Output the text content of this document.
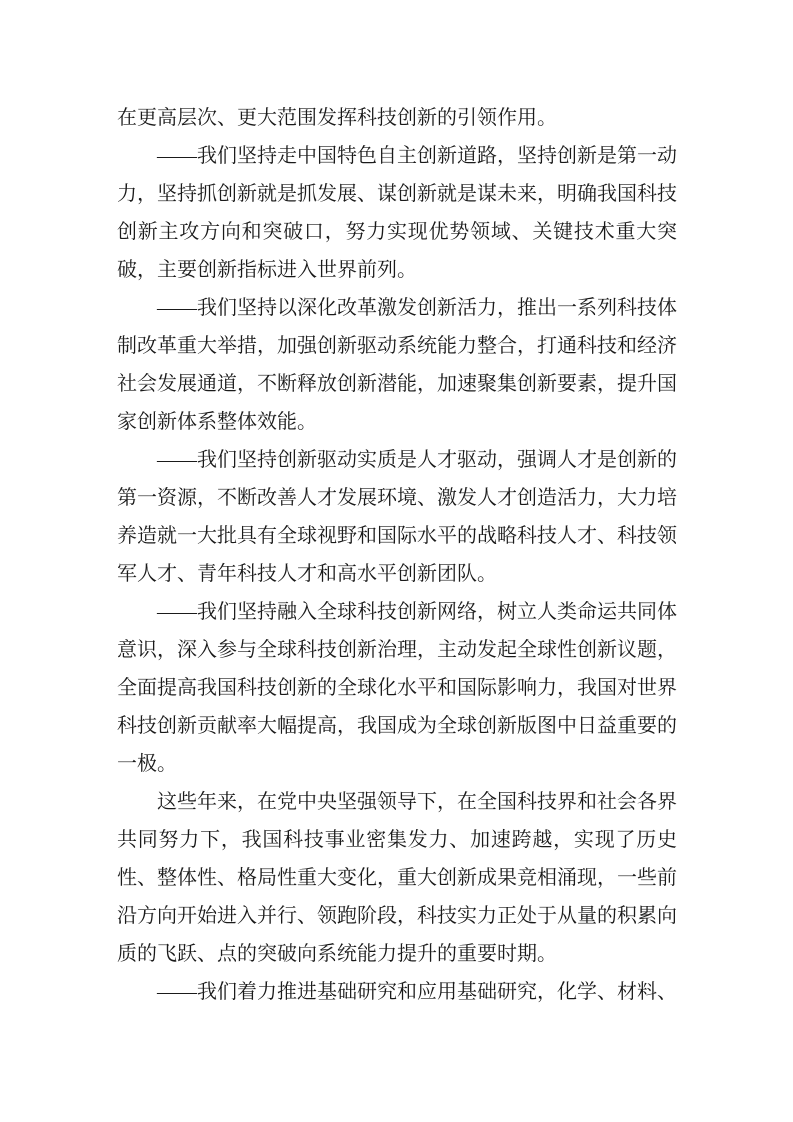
在更高层次、更大范围发挥科技创新的引领作用。

——我们坚持走中国特色自主创新道路，坚持创新是第一动力，坚持抓创新就是抓发展、谋创新就是谋未来，明确我国科技创新主攻方向和突破口，努力实现优势领域、关键技术重大突破，主要创新指标进入世界前列。

——我们坚持以深化改革激发创新活力，推出一系列科技体制改革重大举措，加强创新驱动系统能力整合，打通科技和经济社会发展通道，不断释放创新潜能，加速聚集创新要素，提升国家创新体系整体效能。

——我们坚持创新驱动实质是人才驱动，强调人才是创新的第一资源，不断改善人才发展环境、激发人才创造活力，大力培养造就一大批具有全球视野和国际水平的战略科技人才、科技领军人才、青年科技人才和高水平创新团队。

——我们坚持融入全球科技创新网络，树立人类命运共同体意识，深入参与全球科技创新治理，主动发起全球性创新议题，全面提高我国科技创新的全球化水平和国际影响力，我国对世界科技创新贡献率大幅提高，我国成为全球创新版图中日益重要的一极。

这些年来，在党中央坚强领导下，在全国科技界和社会各界共同努力下，我国科技事业密集发力、加速跨越，实现了历史性、整体性、格局性重大变化，重大创新成果竞相涌现，一些前沿方向开始进入并行、领跑阶段，科技实力正处于从量的积累向质的飞跃、点的突破向系统能力提升的重要时期。

——我们着力推进基础研究和应用基础研究，化学、材料、
